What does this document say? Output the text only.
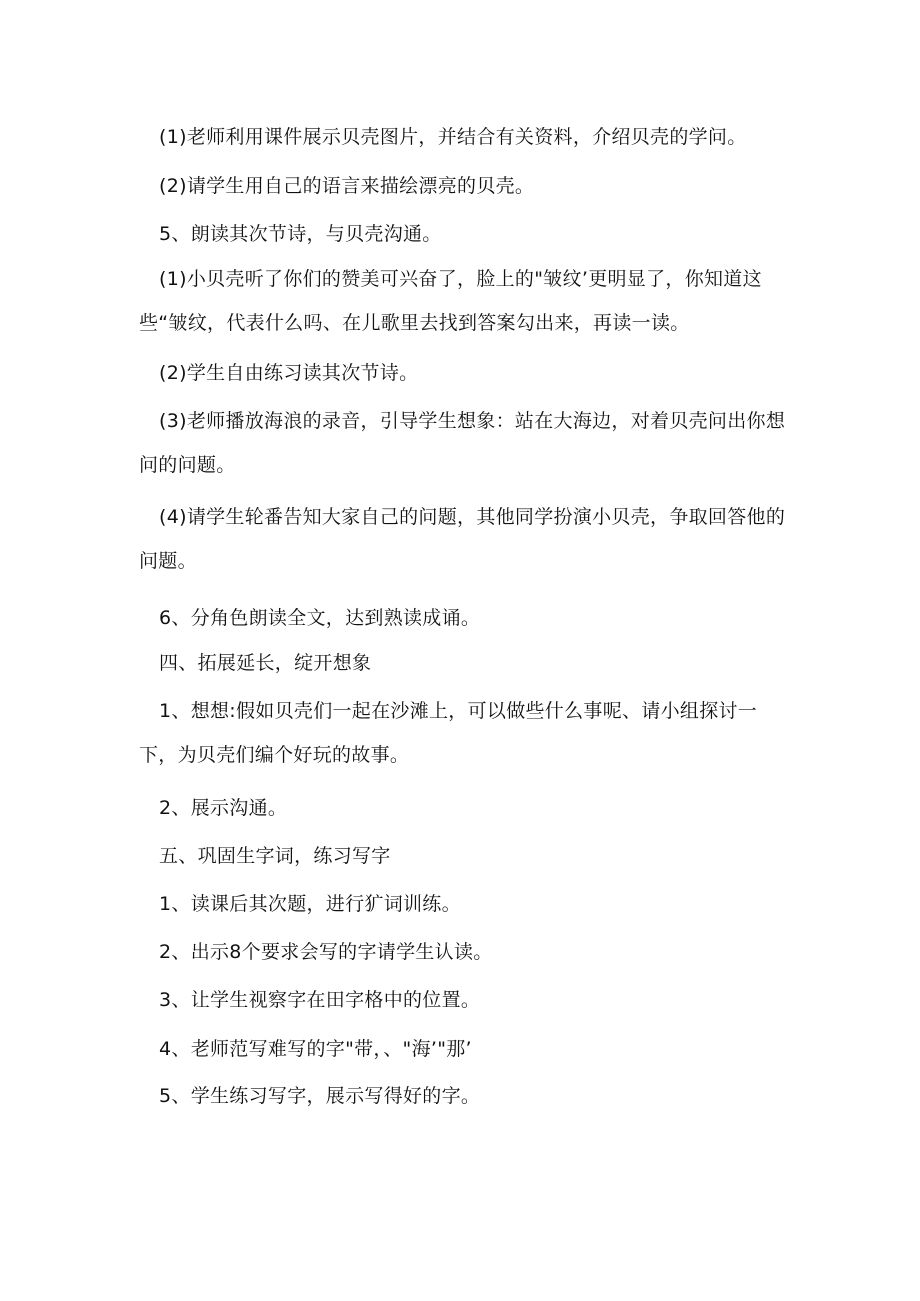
(1)老师利用课件展示贝壳图片，并结合有关资料，介绍贝壳的学问。

(2)请学生用自己的语言来描绘漂亮的贝壳。

5、朗读其次节诗，与贝壳沟通。

(1)小贝壳听了你们的赞美可兴奋了，脸上的"皱纹’更明显了，你知道这些“皱纹，代表什么吗、在儿歌里去找到答案勾出来，再读一读。

(2)学生自由练习读其次节诗。

(3)老师播放海浪的录音，引导学生想象：站在大海边，对着贝壳问出你想问的问题。

(4)请学生轮番告知大家自己的问题，其他同学扮演小贝壳，争取回答他的问题。

6、分角色朗读全文，达到熟读成诵。

四、拓展延长，绽开想象

1、想想:假如贝壳们一起在沙滩上，可以做些什么事呢、请小组探讨一下，为贝壳们编个好玩的故事。

2、展示沟通。

五、巩固生字词，练习写字

1、读课后其次题，进行犷词训练。

2、出示8个要求会写的字请学生认读。

3、让学生视察字在田字格中的位置。

4、老师范写难写的字"带，、"海’"那’

5、学生练习写字，展示写得好的字。
